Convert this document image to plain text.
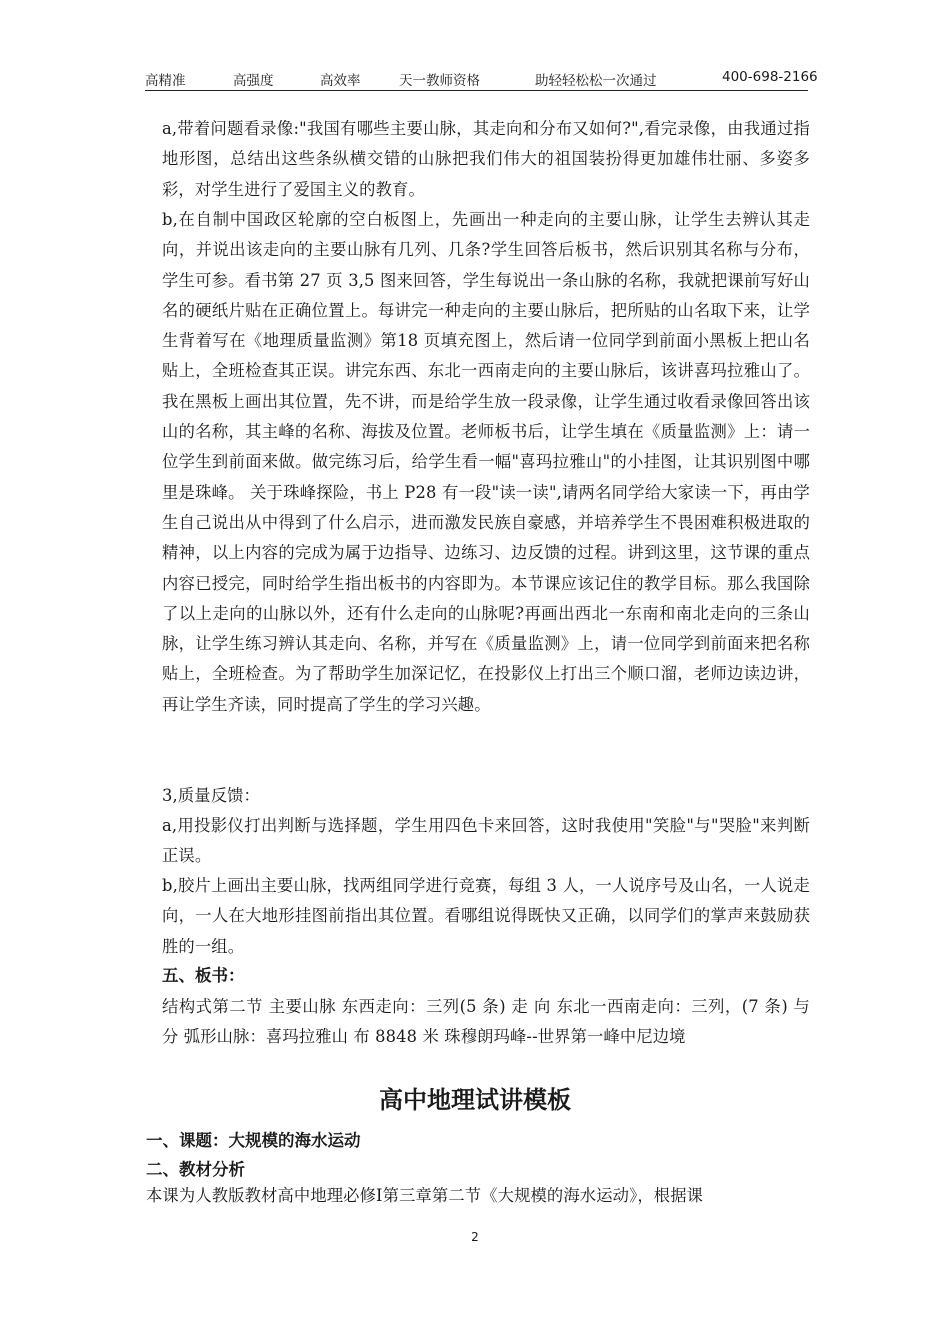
高精准	高强度	高效率	天一教师资格	助轻轻松松一次通过	400-698-2166

a,带着问题看录像:"我国有哪些主要山脉，其走向和分布又如何?",看完录像，由我通过指地形图，总结出这些条纵横交错的山脉把我们伟大的祖国装扮得更加雄伟壮丽、多姿多彩，对学生进行了爱国主义的教育。

b,在自制中国政区轮廓的空白板图上，先画出一种走向的主要山脉，让学生去辨认其走向，并说出该走向的主要山脉有几列、几条?学生回答后板书，然后识别其名称与分布，学生可参。看书第 27 页 3,5 图来回答，学生每说出一条山脉的名称，我就把课前写好山名的硬纸片贴在正确位置上。每讲完一种走向的主要山脉后，把所贴的山名取下来，让学生背着写在《地理质量监测》第18 页填充图上，然后请一位同学到前面小黑板上把山名贴上，全班检查其正误。讲完东西、东北一西南走向的主要山脉后，该讲喜玛拉雅山了。我在黑板上画出其位置，先不讲，而是给学生放一段录像，让学生通过收看录像回答出该山的名称，其主峰的名称、海拔及位置。老师板书后，让学生填在《质量监测》上：请一位学生到前面来做。做完练习后，给学生看一幅"喜玛拉雅山"的小挂图，让其识别图中哪里是珠峰。 关于珠峰探险，书上 P28 有一段"读一读",请两名同学给大家读一下，再由学生自己说出从中得到了什么启示，进而激发民族自豪感，并培养学生不畏困难积极进取的精神，以上内容的完成为属于边指导、边练习、边反馈的过程。讲到这里，这节课的重点内容已授完，同时给学生指出板书的内容即为。本节课应该记住的教学目标。那么我国除了以上走向的山脉以外，还有什么走向的山脉呢?再画出西北一东南和南北走向的三条山脉，让学生练习辨认其走向、名称，并写在《质量监测》上，请一位同学到前面来把名称贴上，全班检查。为了帮助学生加深记忆，在投影仪上打出三个顺口溜，老师边读边讲，再让学生齐读，同时提高了学生的学习兴趣。

3,质量反馈：

a,用投影仪打出判断与选择题，学生用四色卡来回答，这时我使用"笑脸"与"哭脸"来判断正误。

b,胶片上画出主要山脉，找两组同学进行竞赛，每组 3 人，一人说序号及山名，一人说走向，一人在大地形挂图前指出其位置。看哪组说得既快又正确，以同学们的掌声来鼓励获胜的一组。

五、板书：

结构式第二节 主要山脉 东西走向：三列(5 条) 走 向 东北一西南走向：三列，(7 条) 与 分 弧形山脉：喜玛拉雅山 布 8848 米 珠穆朗玛峰--世界第一峰中尼边境

高中地理试讲模板
一、课题：大规模的海水运动
二、教材分析

本课为人教版教材高中地理必修Ⅰ第三章第二节《大规模的海水运动》，根据课

2
